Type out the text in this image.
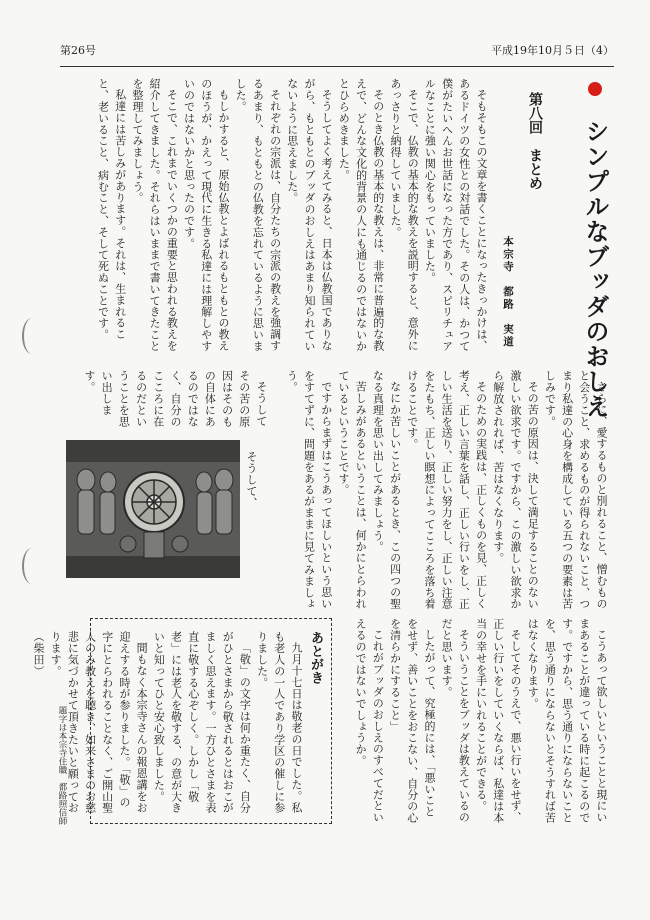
第26号	平成19年10月５日（4）
シンプルなブッダのおしえ
第八回　まとめ
本宗寺　都路　実道

そもそもこの文章を書くことになったきっかけは、あるドイツの女性との対話でした。その人は、かつて僕がたいへんお世話になった方であり、スピリチュアルなことに強い関心をもっていました。

そこで、仏教の基本的な教えを説明すると、意外にあっさりと納得していました。

そのとき仏教の基本的な教えは、非常に普遍的な教えで、どんな文化的背景の人にも通じるのではないかとひらめきました。

そうしてよく考えてみると、日本は仏教国でありながら、もともとのブッダのおしえはあまり知られていないように思えました。

それぞれの宗派は、自分たちの宗派の教えを強調するあまり、もともとの仏教を忘れているように思いました。

もしかすると、原始仏教とよばれるもともとの教えのほうが、かえって現代に生きる私達には理解しやすいのではないかと思ったのです。

そこで、これまでいくつかの重要と思われる教えを紹介してきました。それらはいままで書いてきたことを整理してみましょう。

私達には苦しみがあります。それは、生まれること、老いること、病むこと、そして死ぬことです。

さらに、愛するものと別れること、憎むものと会うこと、求めるものが得られないこと、つまり私達の心身を構成している五つの要素は苦しみです。

その苦の原因は、決して満足することのない激しい欲求です。ですから、この激しい欲求から解放されれば、苦はなくなります。

そのための実践は、正しくものを見、正しく考え、正しい言葉を話し、正しい行いをし、正しい生活を送り、正しい努力をし、正しい注意をたもち、正しい瞑想によってこころを落ち着けることです。

なにか苦しいことがあるとき、この四つの聖なる真理を思い出してみましょう。

苦しみがあるということは、何かにとらわれているということです。

ですからまずはこうあってほしいという思いをすてずに、問題をあるがままに見てみましょう。

そうしてその苦の原因はそのもの自体にあるのではなく、自分のこころに在るのだということを思い出します。

そうして、

こうあって欲しいということと現にいまあることが違っている時に起こるのです。ですから、思う通りにならないことを、思う通りにならないとそうすれば苦はなくなります。

そしてそのうえで、悪い行いをせず、正しい行いをしていくならば、私達は本当の幸せを手にいれることができる。

そういうことをブッダは教えているのだと思います。

したがって、究極的には、「悪いことをせず、善いことをおこない、自分の心を清らかにすること」

これがブッダのおしえのすべてだといえるのではないでしょうか。

あとがき

九月十七日は敬老の日でした。私も老人の一人であり学区の催しに参りました。

「敬」の文字は何か重たく、自分がひとさまから敬されるとはおこがましく思えます。一方ひとさまを表直に敬する心ぞしく。しかし「敬老」には老人を敬する、の意が大きいと知ってひと安心致しました。

間もなく本宗寺さんの報恩講をお迎えする時が参りました。「敬」の字にとらわれることなく、ご開山聖人のみ教えを聴き、如来さまのお慈悲に気づかせて頂きたいと願っております。

（柴田）

題字は本宗寺住職　都路照信師
